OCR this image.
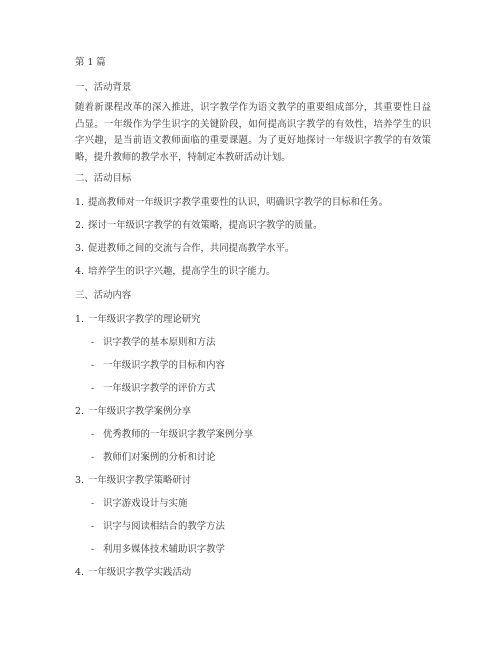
第 1 篇
一、活动背景
随着新课程改革的深入推进，识字教学作为语文教学的重要组成部分，其重要性日益凸显。一年级作为学生识字的关键阶段，如何提高识字教学的有效性，培养学生的识字兴趣，是当前语文教师面临的重要课题。为了更好地探讨一年级识字教学的有效策略，提升教师的教学水平，特制定本教研活动计划。
二、活动目标
1. 提高教师对一年级识字教学重要性的认识，明确识字教学的目标和任务。
2. 探讨一年级识字教学的有效策略，提高识字教学的质量。
3. 促进教师之间的交流与合作，共同提高教学水平。
4. 培养学生的识字兴趣，提高学生的识字能力。
三、活动内容
1. 一年级识字教学的理论研究
- 识字教学的基本原则和方法
- 一年级识字教学的目标和内容
- 一年级识字教学的评价方式
2. 一年级识字教学案例分享
- 优秀教师的一年级识字教学案例分享
- 教师们对案例的分析和讨论
3. 一年级识字教学策略研讨
- 识字游戏设计与实施
- 识字与阅读相结合的教学方法
- 利用多媒体技术辅助识字教学
4. 一年级识字教学实践活动
